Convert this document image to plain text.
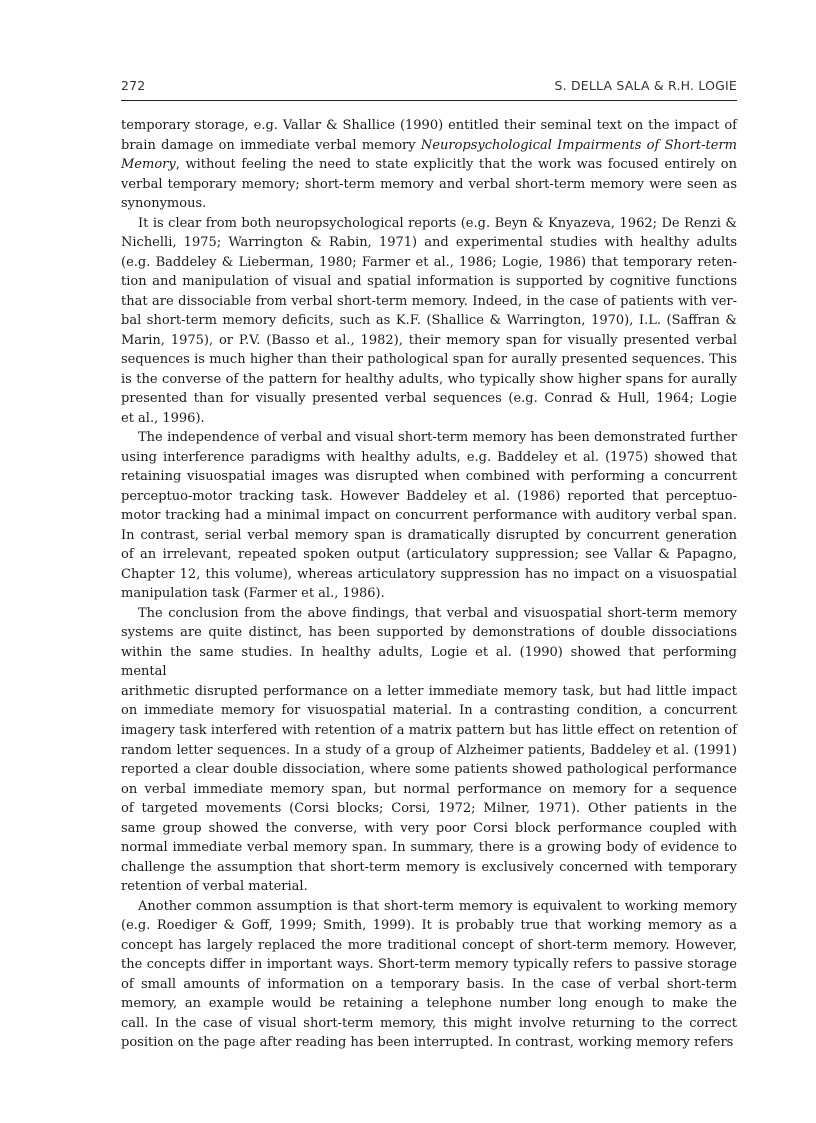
272	S. DELLA SALA & R.H. LOGIE

temporary storage, e.g. Vallar & Shallice (1990) entitled their seminal text on the impact of
brain damage on immediate verbal memory Neuropsychological Impairments of Short-term
Memory, without feeling the need to state explicitly that the work was focused entirely on
verbal temporary memory; short-term memory and verbal short-term memory were seen as
synonymous.

It is clear from both neuropsychological reports (e.g. Beyn & Knyazeva, 1962; De Renzi &
Nichelli, 1975; Warrington & Rabin, 1971) and experimental studies with healthy adults
(e.g. Baddeley & Lieberman, 1980; Farmer et al., 1986; Logie, 1986) that temporary reten-
tion and manipulation of visual and spatial information is supported by cognitive functions
that are dissociable from verbal short-term memory. Indeed, in the case of patients with ver-
bal short-term memory deficits, such as K.F. (Shallice & Warrington, 1970), I.L. (Saffran &
Marin, 1975), or P.V. (Basso et al., 1982), their memory span for visually presented verbal
sequences is much higher than their pathological span for aurally presented sequences. This
is the converse of the pattern for healthy adults, who typically show higher spans for aurally
presented than for visually presented verbal sequences (e.g. Conrad & Hull, 1964; Logie
et al., 1996).

The independence of verbal and visual short-term memory has been demonstrated further
using interference paradigms with healthy adults, e.g. Baddeley et al. (1975) showed that
retaining visuospatial images was disrupted when combined with performing a concurrent
perceptuo-motor tracking task. However Baddeley et al. (1986) reported that perceptuo-
motor tracking had a minimal impact on concurrent performance with auditory verbal span.
In contrast, serial verbal memory span is dramatically disrupted by concurrent generation
of an irrelevant, repeated spoken output (articulatory suppression; see Vallar & Papagno,
Chapter 12, this volume), whereas articulatory suppression has no impact on a visuospatial
manipulation task (Farmer et al., 1986).

The conclusion from the above findings, that verbal and visuospatial short-term memory
systems are quite distinct, has been supported by demonstrations of double dissociations
within the same studies. In healthy adults, Logie et al. (1990) showed that performing mental
arithmetic disrupted performance on a letter immediate memory task, but had little impact
on immediate memory for visuospatial material. In a contrasting condition, a concurrent
imagery task interfered with retention of a matrix pattern but has little effect on retention of
random letter sequences. In a study of a group of Alzheimer patients, Baddeley et al. (1991)
reported a clear double dissociation, where some patients showed pathological performance
on verbal immediate memory span, but normal performance on memory for a sequence
of targeted movements (Corsi blocks; Corsi, 1972; Milner, 1971). Other patients in the
same group showed the converse, with very poor Corsi block performance coupled with
normal immediate verbal memory span. In summary, there is a growing body of evidence to
challenge the assumption that short-term memory is exclusively concerned with temporary
retention of verbal material.

Another common assumption is that short-term memory is equivalent to working memory
(e.g. Roediger & Goff, 1999; Smith, 1999). It is probably true that working memory as a
concept has largely replaced the more traditional concept of short-term memory. However,
the concepts differ in important ways. Short-term memory typically refers to passive storage
of small amounts of information on a temporary basis. In the case of verbal short-term
memory, an example would be retaining a telephone number long enough to make the
call. In the case of visual short-term memory, this might involve returning to the correct
position on the page after reading has been interrupted. In contrast, working memory refers
